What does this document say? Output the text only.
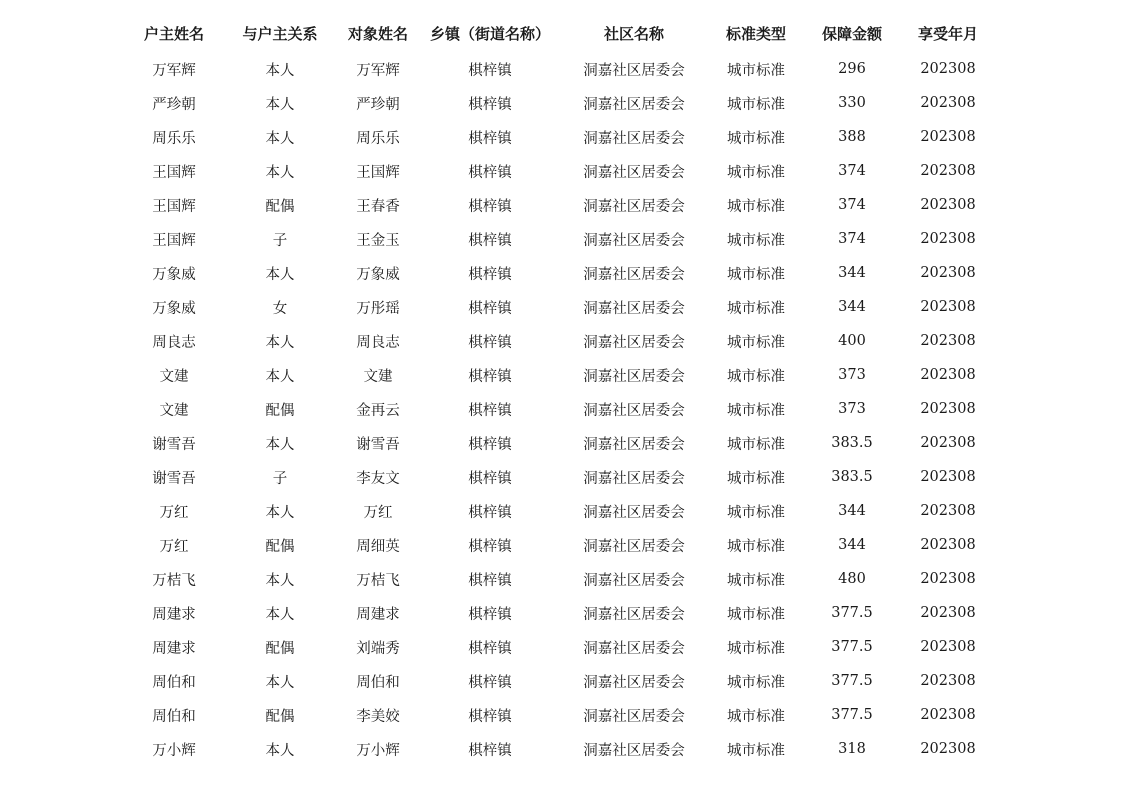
户主姓名	与户主关系	对象姓名	乡镇（街道名称）	社区名称	标准类型	保障金额	享受年月
万军辉	本人	万军辉	棋梓镇	洞嘉社区居委会	城市标准	296	202308
严珍朝	本人	严珍朝	棋梓镇	洞嘉社区居委会	城市标准	330	202308
周乐乐	本人	周乐乐	棋梓镇	洞嘉社区居委会	城市标准	388	202308
王国辉	本人	王国辉	棋梓镇	洞嘉社区居委会	城市标准	374	202308
王国辉	配偶	王春香	棋梓镇	洞嘉社区居委会	城市标准	374	202308
王国辉	子	王金玉	棋梓镇	洞嘉社区居委会	城市标准	374	202308
万象威	本人	万象威	棋梓镇	洞嘉社区居委会	城市标准	344	202308
万象威	女	万彤瑶	棋梓镇	洞嘉社区居委会	城市标准	344	202308
周良志	本人	周良志	棋梓镇	洞嘉社区居委会	城市标准	400	202308
文建	本人	文建	棋梓镇	洞嘉社区居委会	城市标准	373	202308
文建	配偶	金再云	棋梓镇	洞嘉社区居委会	城市标准	373	202308
谢雪吾	本人	谢雪吾	棋梓镇	洞嘉社区居委会	城市标准	383.5	202308
谢雪吾	子	李友文	棋梓镇	洞嘉社区居委会	城市标准	383.5	202308
万红	本人	万红	棋梓镇	洞嘉社区居委会	城市标准	344	202308
万红	配偶	周细英	棋梓镇	洞嘉社区居委会	城市标准	344	202308
万桔飞	本人	万桔飞	棋梓镇	洞嘉社区居委会	城市标准	480	202308
周建求	本人	周建求	棋梓镇	洞嘉社区居委会	城市标准	377.5	202308
周建求	配偶	刘端秀	棋梓镇	洞嘉社区居委会	城市标准	377.5	202308
周伯和	本人	周伯和	棋梓镇	洞嘉社区居委会	城市标准	377.5	202308
周伯和	配偶	李美姣	棋梓镇	洞嘉社区居委会	城市标准	377.5	202308
万小辉	本人	万小辉	棋梓镇	洞嘉社区居委会	城市标准	318	202308
